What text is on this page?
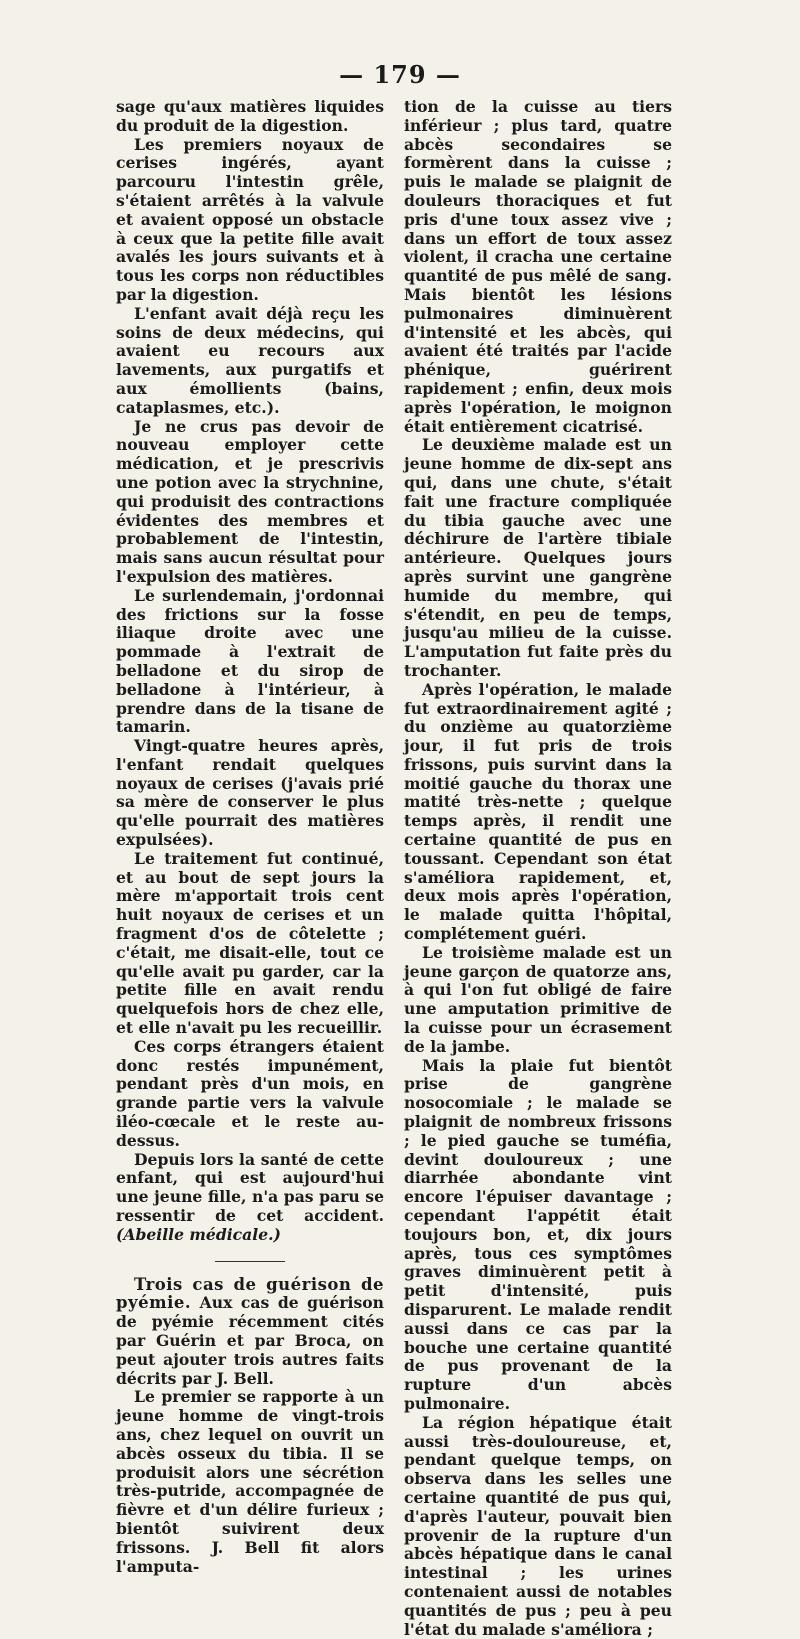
— 179 —

sage qu'aux matières liquides du produit de la digestion.

Les premiers noyaux de cerises ingérés, ayant parcouru l'intestin grêle, s'étaient arrêtés à la valvule et avaient opposé un obstacle à ceux que la petite fille avait avalés les jours suivants et à tous les corps non réductibles par la digestion.

L'enfant avait déjà reçu les soins de deux médecins, qui avaient eu recours aux lavements, aux purgatifs et aux émollients (bains, cataplasmes, etc.).

Je ne crus pas devoir de nouveau employer cette médication, et je prescrivis une potion avec la strychnine, qui produisit des contractions évidentes des membres et probablement de l'intestin, mais sans aucun résultat pour l'expulsion des matières.

Le surlendemain, j'ordonnai des frictions sur la fosse iliaque droite avec une pommade à l'extrait de belladone et du sirop de belladone à l'intérieur, à prendre dans de la tisane de tamarin.

Vingt-quatre heures après, l'enfant rendait quelques noyaux de cerises (j'avais prié sa mère de conserver le plus qu'elle pourrait des matières expulsées).

Le traitement fut continué, et au bout de sept jours la mère m'apportait trois cent huit noyaux de cerises et un fragment d'os de côtelette ; c'était, me disait-elle, tout ce qu'elle avait pu garder, car la petite fille en avait rendu quelquefois hors de chez elle, et elle n'avait pu les recueillir.

Ces corps étrangers étaient donc restés impunément, pendant près d'un mois, en grande partie vers la valvule iléo-cœcale et le reste au-dessus.

Depuis lors la santé de cette enfant, qui est aujourd'hui une jeune fille, n'a pas paru se ressentir de cet accident. (Abeille médicale.)

Trois cas de guérison de pyémie. Aux cas de guérison de pyémie récemment cités par Guérin et par Broca, on peut ajouter trois autres faits décrits par J. Bell.

Le premier se rapporte à un jeune homme de vingt-trois ans, chez lequel on ouvrit un abcès osseux du tibia. Il se produisit alors une sécrétion très-putride, accompagnée de fièvre et d'un délire furieux ; bientôt suivirent deux frissons. J. Bell fit alors l'amputa-

tion de la cuisse au tiers inférieur ; plus tard, quatre abcès secondaires se formèrent dans la cuisse ; puis le malade se plaignit de douleurs thoraciques et fut pris d'une toux assez vive ; dans un effort de toux assez violent, il cracha une certaine quantité de pus mêlé de sang. Mais bientôt les lésions pulmonaires diminuèrent d'intensité et les abcès, qui avaient été traités par l'acide phénique, guérirent rapidement ; enfin, deux mois après l'opération, le moignon était entièrement cicatrisé.

Le deuxième malade est un jeune homme de dix-sept ans qui, dans une chute, s'était fait une fracture compliquée du tibia gauche avec une déchirure de l'artère tibiale antérieure. Quelques jours après survint une gangrène humide du membre, qui s'étendit, en peu de temps, jusqu'au milieu de la cuisse. L'amputation fut faite près du trochanter.

Après l'opération, le malade fut extraordinairement agité ; du onzième au quatorzième jour, il fut pris de trois frissons, puis survint dans la moitié gauche du thorax une matité très-nette ; quelque temps après, il rendit une certaine quantité de pus en toussant. Cependant son état s'améliora rapidement, et, deux mois après l'opération, le malade quitta l'hôpital, complétement guéri.

Le troisième malade est un jeune garçon de quatorze ans, à qui l'on fut obligé de faire une amputation primitive de la cuisse pour un écrasement de la jambe.

Mais la plaie fut bientôt prise de gangrène nosocomiale ; le malade se plaignit de nombreux frissons ; le pied gauche se tuméfia, devint douloureux ; une diarrhée abondante vint encore l'épuiser davantage ; cependant l'appétit était toujours bon, et, dix jours après, tous ces symptômes graves diminuèrent petit à petit d'intensité, puis disparurent. Le malade rendit aussi dans ce cas par la bouche une certaine quantité de pus provenant de la rupture d'un abcès pulmonaire.

La région hépatique était aussi très-douloureuse, et, pendant quelque temps, on observa dans les selles une certaine quantité de pus qui, d'après l'auteur, pouvait bien provenir de la rupture d'un abcès hépatique dans le canal intestinal ; les urines contenaient aussi de notables quantités de pus ; peu à peu l'état du malade s'améliora ;
